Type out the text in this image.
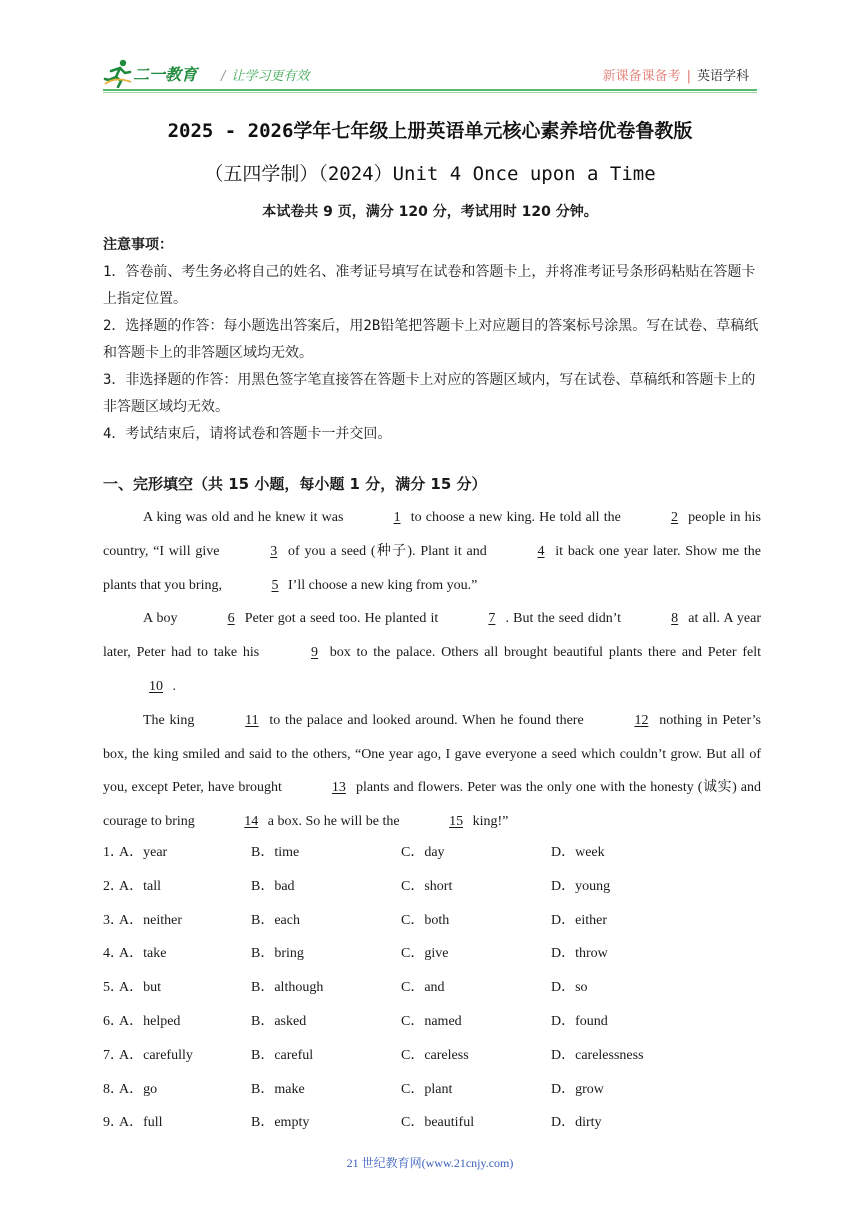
二一教育 / 让学习更有效	新课备课备考 | 英语学科
2025 - 2026学年七年级上册英语单元核心素养培优卷鲁教版
（五四学制）（2024）Unit 4 Once upon a Time
本试卷共 9 页，满分 120 分，考试用时 120 分钟。

注意事项：

1．答卷前、考生务必将自己的姓名、准考证号填写在试卷和答题卡上，并将准考证号条形码粘贴在答题卡上指定位置。

2．选择题的作答：每小题选出答案后，用2B铅笔把答题卡上对应题目的答案标号涂黑。写在试卷、草稿纸和答题卡上的非答题区域均无效。

3．非选择题的作答：用黑色签字笔直接答在答题卡上对应的答题区域内，写在试卷、草稿纸和答题卡上的非答题区域均无效。

4．考试结束后，请将试卷和答题卡一并交回。

一、完形填空（共 15 小题，每小题 1 分，满分 15 分）

A king was old and he knew it was	1 to choose a new king. He told all the	2 people in his country, “I will give	3 of you a seed (种子). Plant it and	4 it back one year later. Show me the plants that you bring,	5 I’ll choose a new king from you.”

A boy	6 Peter got a seed too. He planted it	7 . But the seed didn’t	8 at all. A year later, Peter had to take his	9 box to the palace. Others all brought beautiful plants there and Peter felt 10 .

The king	11 to the palace and looked around. When he found there	12 nothing in Peter’s box, the king smiled and said to the others, “One year ago, I gave everyone a seed which couldn’t grow. But all of you, except Peter, have brought	13 plants and flowers. Peter was the only one with the honesty (诚实) and courage to bring	14 a box. So he will be the	15 king!”

1．
A．year	B．time	C．day	D．week
2．
A．tall	B．bad	C．short	D．young
3．
A．neither	B．each	C．both	D．either
4．
A．take	B．bring	C．give	D．throw
5．
A．but	B．although	C．and	D．so
6．
A．helped	B．asked	C．named	D．found
7．
A．carefully	B．careful	C．careless	D．carelessness
8．
A．go	B．make	C．plant	D．grow
9．
A．full	B．empty	C．beautiful	D．dirty
21 世纪教育网(www.21cnjy.com)
